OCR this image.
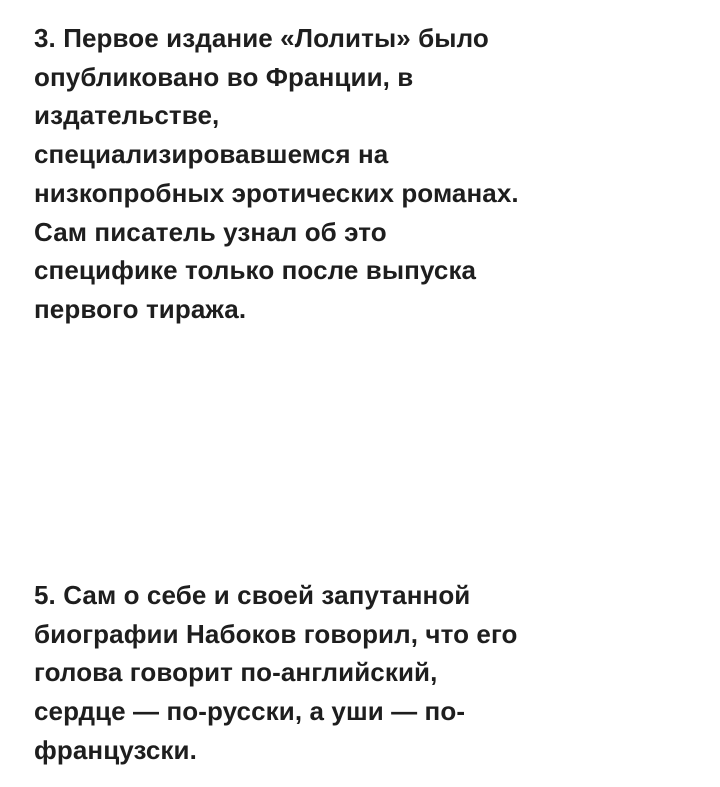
3. Первое издание «Лолиты» было
опубликовано во Франции, в
издательстве,
специализировавшемся на
низкопробных эротических романах.
Сам писатель узнал об это
специфике только после выпуска
первого тиража.
5. Сам о себе и своей запутанной
биографии Набоков говорил, что его
голова говорит по-английский,
сердце — по-русски, а уши — по-
французски.
